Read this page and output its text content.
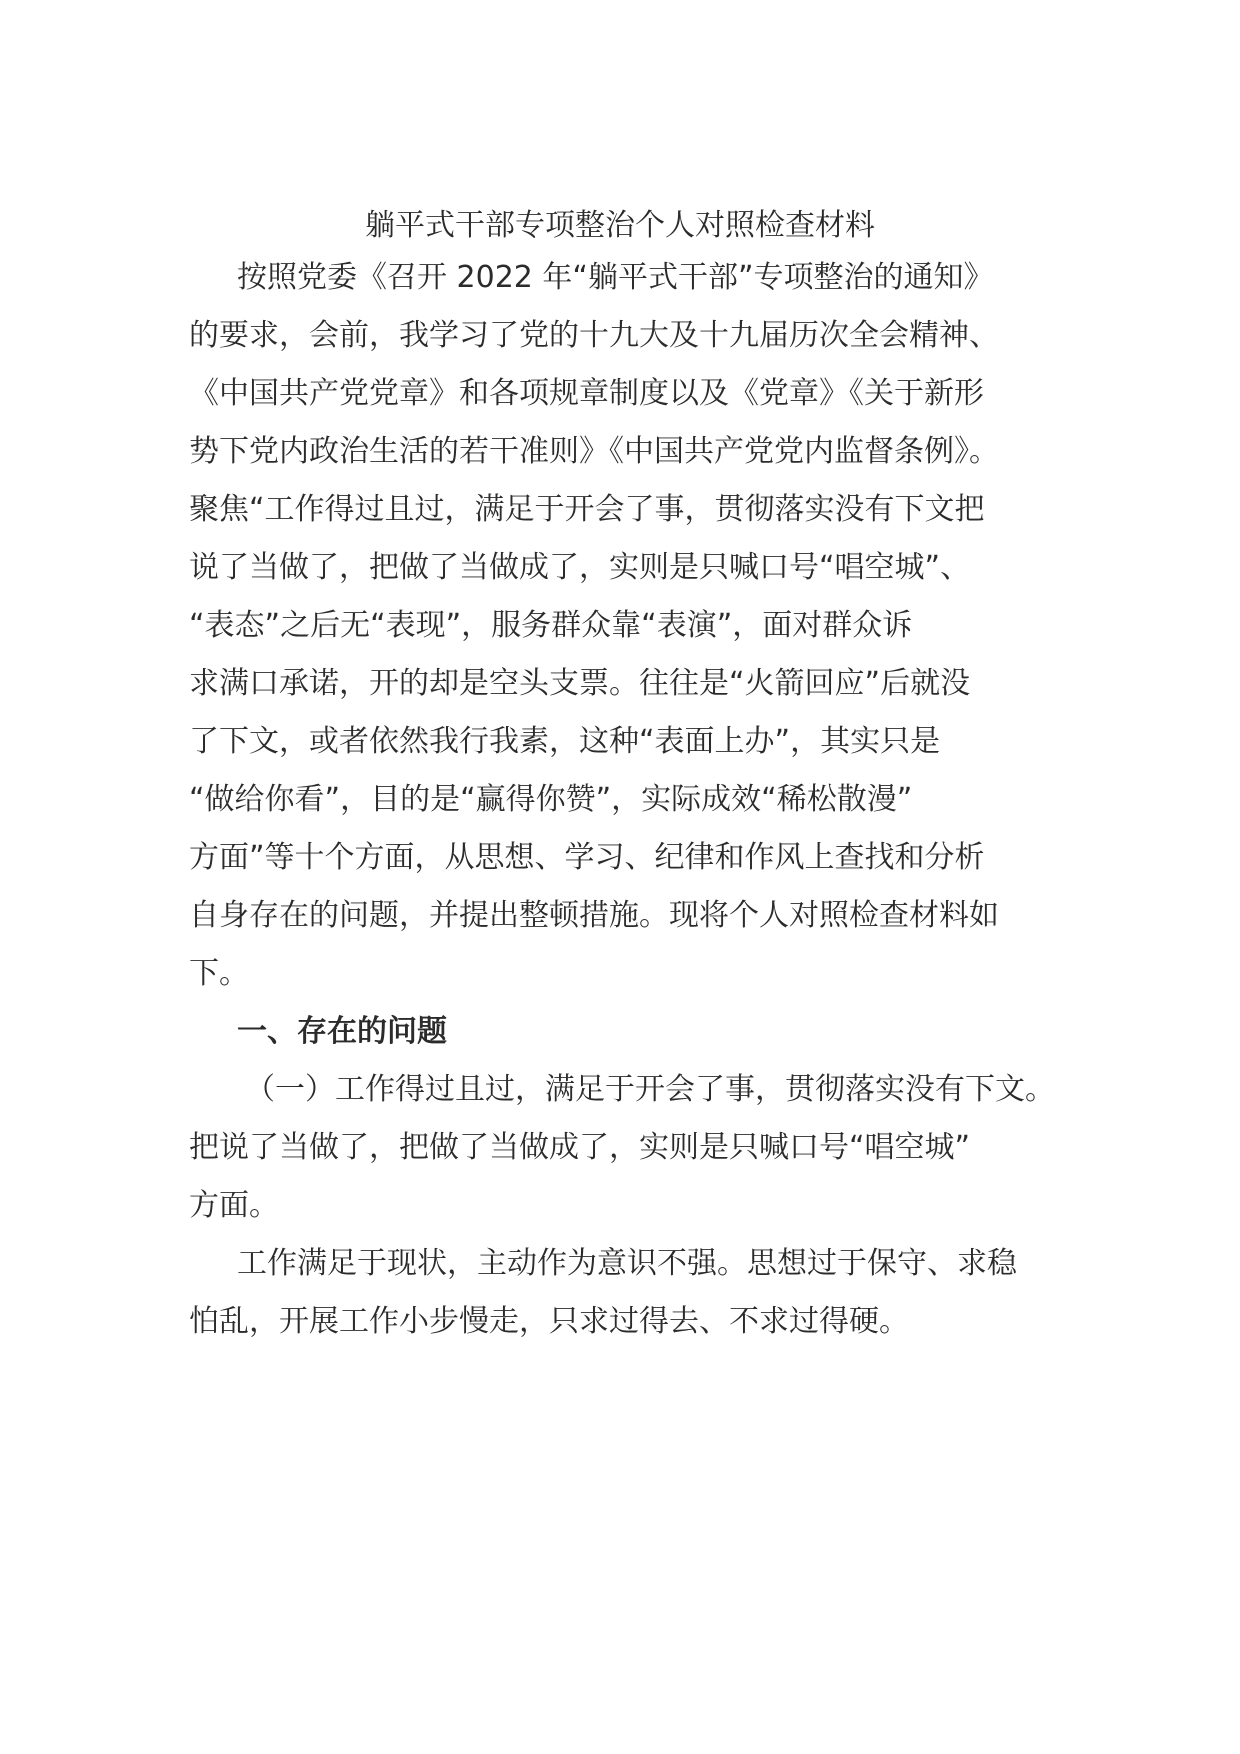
躺平式干部专项整治个人对照检查材料
按照党委《召开 2022 年“躺平式干部”专项整治的通知》
的要求，会前，我学习了党的十九大及十九届历次全会精神、
《中国共产党党章》和各项规章制度以及《党章》《关于新形
势下党内政治生活的若干准则》《中国共产党党内监督条例》。
聚焦“工作得过且过，满足于开会了事，贯彻落实没有下文把
说了当做了，把做了当做成了，实则是只喊口号“唱空城”、
“表态”之后无“表现”，服务群众靠“表演”，面对群众诉
求满口承诺，开的却是空头支票。往往是“火箭回应”后就没
了下文，或者依然我行我素，这种“表面上办”，其实只是
“做给你看”，目的是“赢得你赞”，实际成效“稀松散漫”
方面”等十个方面，从思想、学习、纪律和作风上查找和分析
自身存在的问题，并提出整顿措施。现将个人对照检查材料如
下。
一、存在的问题
（一）工作得过且过，满足于开会了事，贯彻落实没有下文。
把说了当做了，把做了当做成了，实则是只喊口号“唱空城”
方面。
工作满足于现状，主动作为意识不强。思想过于保守、求稳
怕乱，开展工作小步慢走，只求过得去、不求过得硬。
